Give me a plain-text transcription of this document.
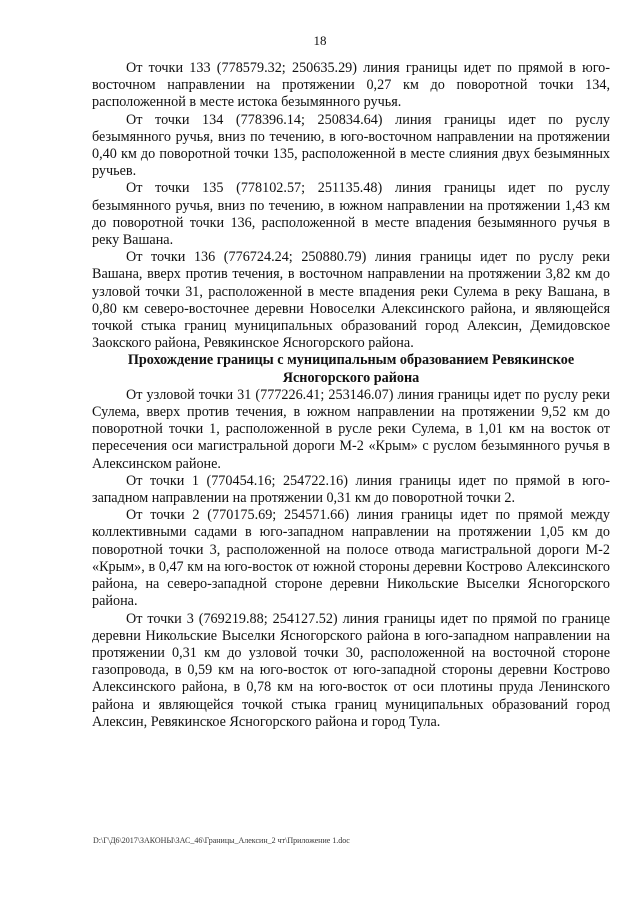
18

От точки 133 (778579.32; 250635.29) линия границы идет по прямой в юго-восточном направлении на протяжении 0,27 км до поворотной точки 134, расположенной в месте истока безымянного ручья.

От точки 134 (778396.14; 250834.64) линия границы идет по руслу безымянного ручья, вниз по течению, в юго-восточном направлении на протяжении 0,40 км до поворотной точки 135, расположенной в месте слияния двух безымянных ручьев.

От точки 135 (778102.57; 251135.48) линия границы идет по руслу безымянного ручья, вниз по течению, в южном направлении на протяжении 1,43 км до поворотной точки 136, расположенной в месте впадения безымянного ручья в реку Вашана.

От точки 136 (776724.24; 250880.79) линия границы идет по руслу реки Вашана, вверх против течения, в восточном направлении на протяжении 3,82 км до узловой точки 31, расположенной в месте впадения реки Сулема в реку Вашана, в 0,80 км северо-восточнее деревни Новоселки Алексинского района, и являющейся точкой стыка границ муниципальных образований город Алексин, Демидовское Заокского района, Ревякинское Ясногорского района.

Прохождение границы с муниципальным образованием Ревякинское Ясногорского района

От узловой точки 31 (777226.41; 253146.07) линия границы идет по руслу реки Сулема, вверх против течения, в южном направлении на протяжении 9,52 км до поворотной точки 1, расположенной в русле реки Сулема, в 1,01 км на восток от пересечения оси магистральной дороги М-2 «Крым» с руслом безымянного ручья в Алексинском районе.

От точки 1 (770454.16; 254722.16) линия границы идет по прямой в юго-западном направлении на протяжении 0,31 км до поворотной точки 2.

От точки 2 (770175.69; 254571.66) линия границы идет по прямой между коллективными садами в юго-западном направлении на протяжении 1,05 км до поворотной точки 3, расположенной на полосе отвода магистральной дороги М-2 «Крым», в 0,47 км на юго-восток от южной стороны деревни Кострово Алексинского района, на северо-западной стороне деревни Никольские Выселки Ясногорского района.

От точки 3 (769219.88; 254127.52) линия границы идет по прямой по границе деревни Никольские Выселки Ясногорского района в юго-западном направлении на протяжении 0,31 км до узловой точки 30, расположенной на восточной стороне газопровода, в 0,59 км на юго-восток от юго-западной стороны деревни Кострово Алексинского района, в 0,78 км на юго-восток от оси плотины пруда Ленинского района и являющейся точкой стыка границ муниципальных образований город Алексин, Ревякинское Ясногорского района и город Тула.

D:\Г\Д6\2017\ЗАКОНЫ\ЗАС_46\Границы_Алексин_2 чт\Приложение 1.doc
